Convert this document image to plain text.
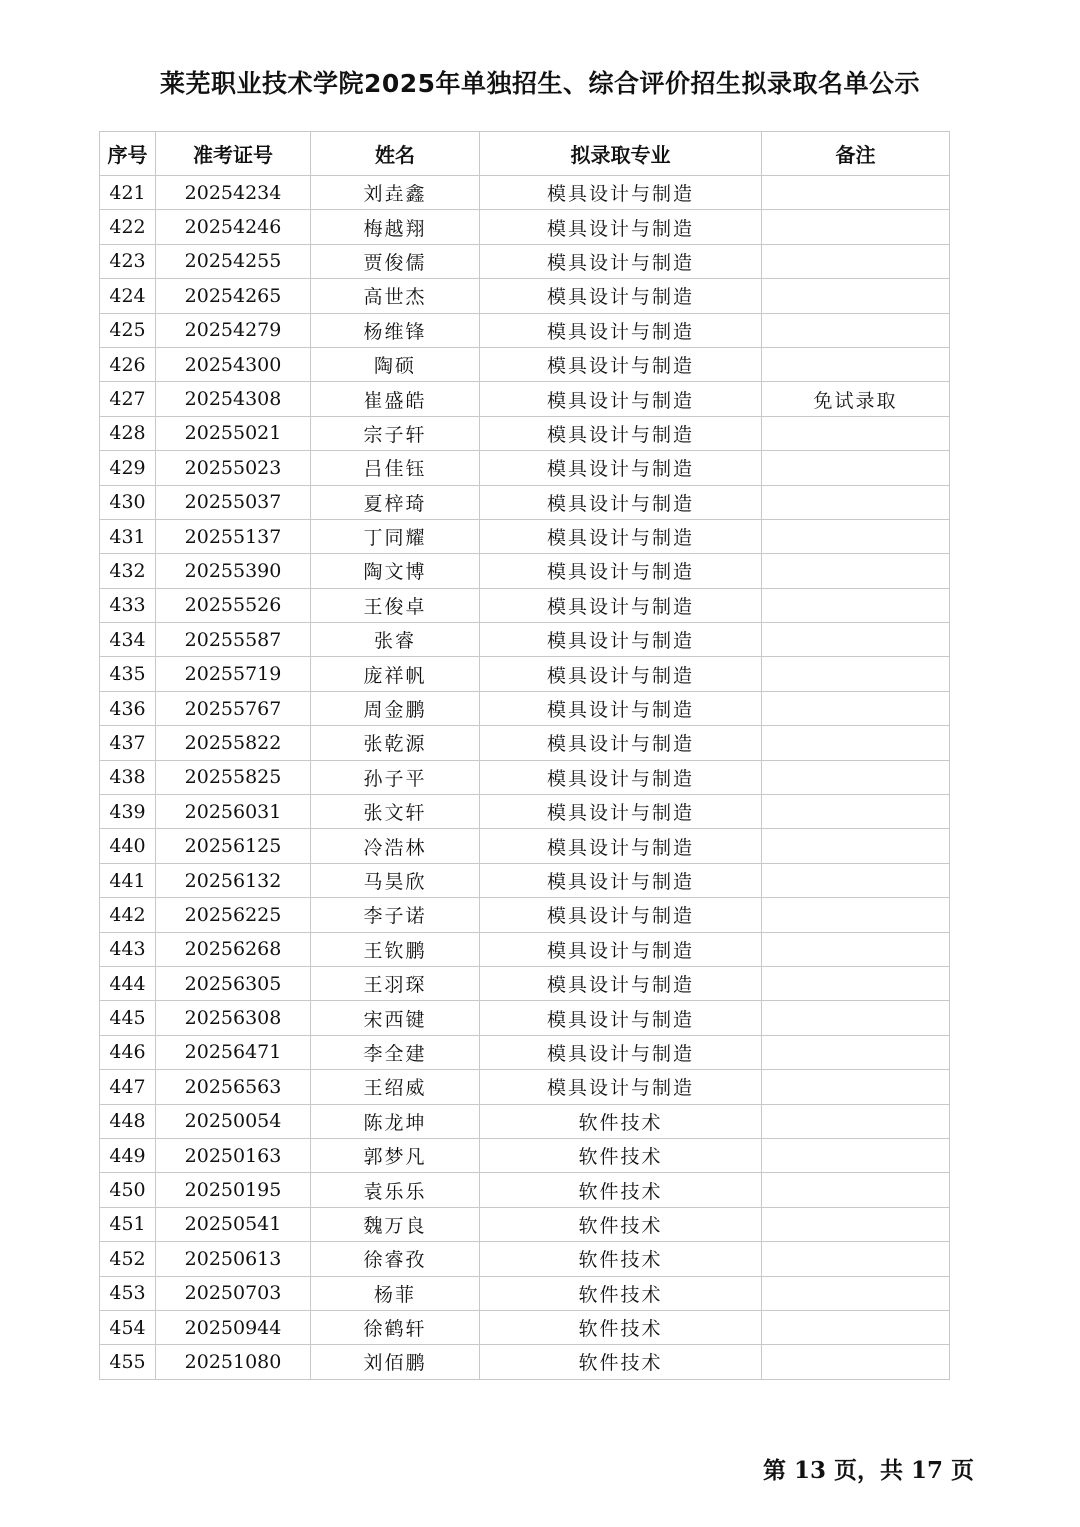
莱芜职业技术学院2025年单独招生、综合评价招生拟录取名单公示
序号	准考证号	姓名	拟录取专业	备注
421	20254234	刘垚鑫	模具设计与制造	
422	20254246	梅越翔	模具设计与制造	
423	20254255	贾俊儒	模具设计与制造	
424	20254265	高世杰	模具设计与制造	
425	20254279	杨维锋	模具设计与制造	
426	20254300	陶硕	模具设计与制造	
427	20254308	崔盛皓	模具设计与制造	免试录取
428	20255021	宗子轩	模具设计与制造	
429	20255023	吕佳钰	模具设计与制造	
430	20255037	夏梓琦	模具设计与制造	
431	20255137	丁同耀	模具设计与制造	
432	20255390	陶文博	模具设计与制造	
433	20255526	王俊卓	模具设计与制造	
434	20255587	张睿	模具设计与制造	
435	20255719	庞祥帆	模具设计与制造	
436	20255767	周金鹏	模具设计与制造	
437	20255822	张乾源	模具设计与制造	
438	20255825	孙子平	模具设计与制造	
439	20256031	张文轩	模具设计与制造	
440	20256125	冷浩林	模具设计与制造	
441	20256132	马昊欣	模具设计与制造	
442	20256225	李子诺	模具设计与制造	
443	20256268	王钦鹏	模具设计与制造	
444	20256305	王羽琛	模具设计与制造	
445	20256308	宋西键	模具设计与制造	
446	20256471	李全建	模具设计与制造	
447	20256563	王绍威	模具设计与制造	
448	20250054	陈龙坤	软件技术	
449	20250163	郭梦凡	软件技术	
450	20250195	袁乐乐	软件技术	
451	20250541	魏万良	软件技术	
452	20250613	徐睿孜	软件技术	
453	20250703	杨菲	软件技术	
454	20250944	徐鹤轩	软件技术	
455	20251080	刘佰鹏	软件技术	
第 13 页，共 17 页
